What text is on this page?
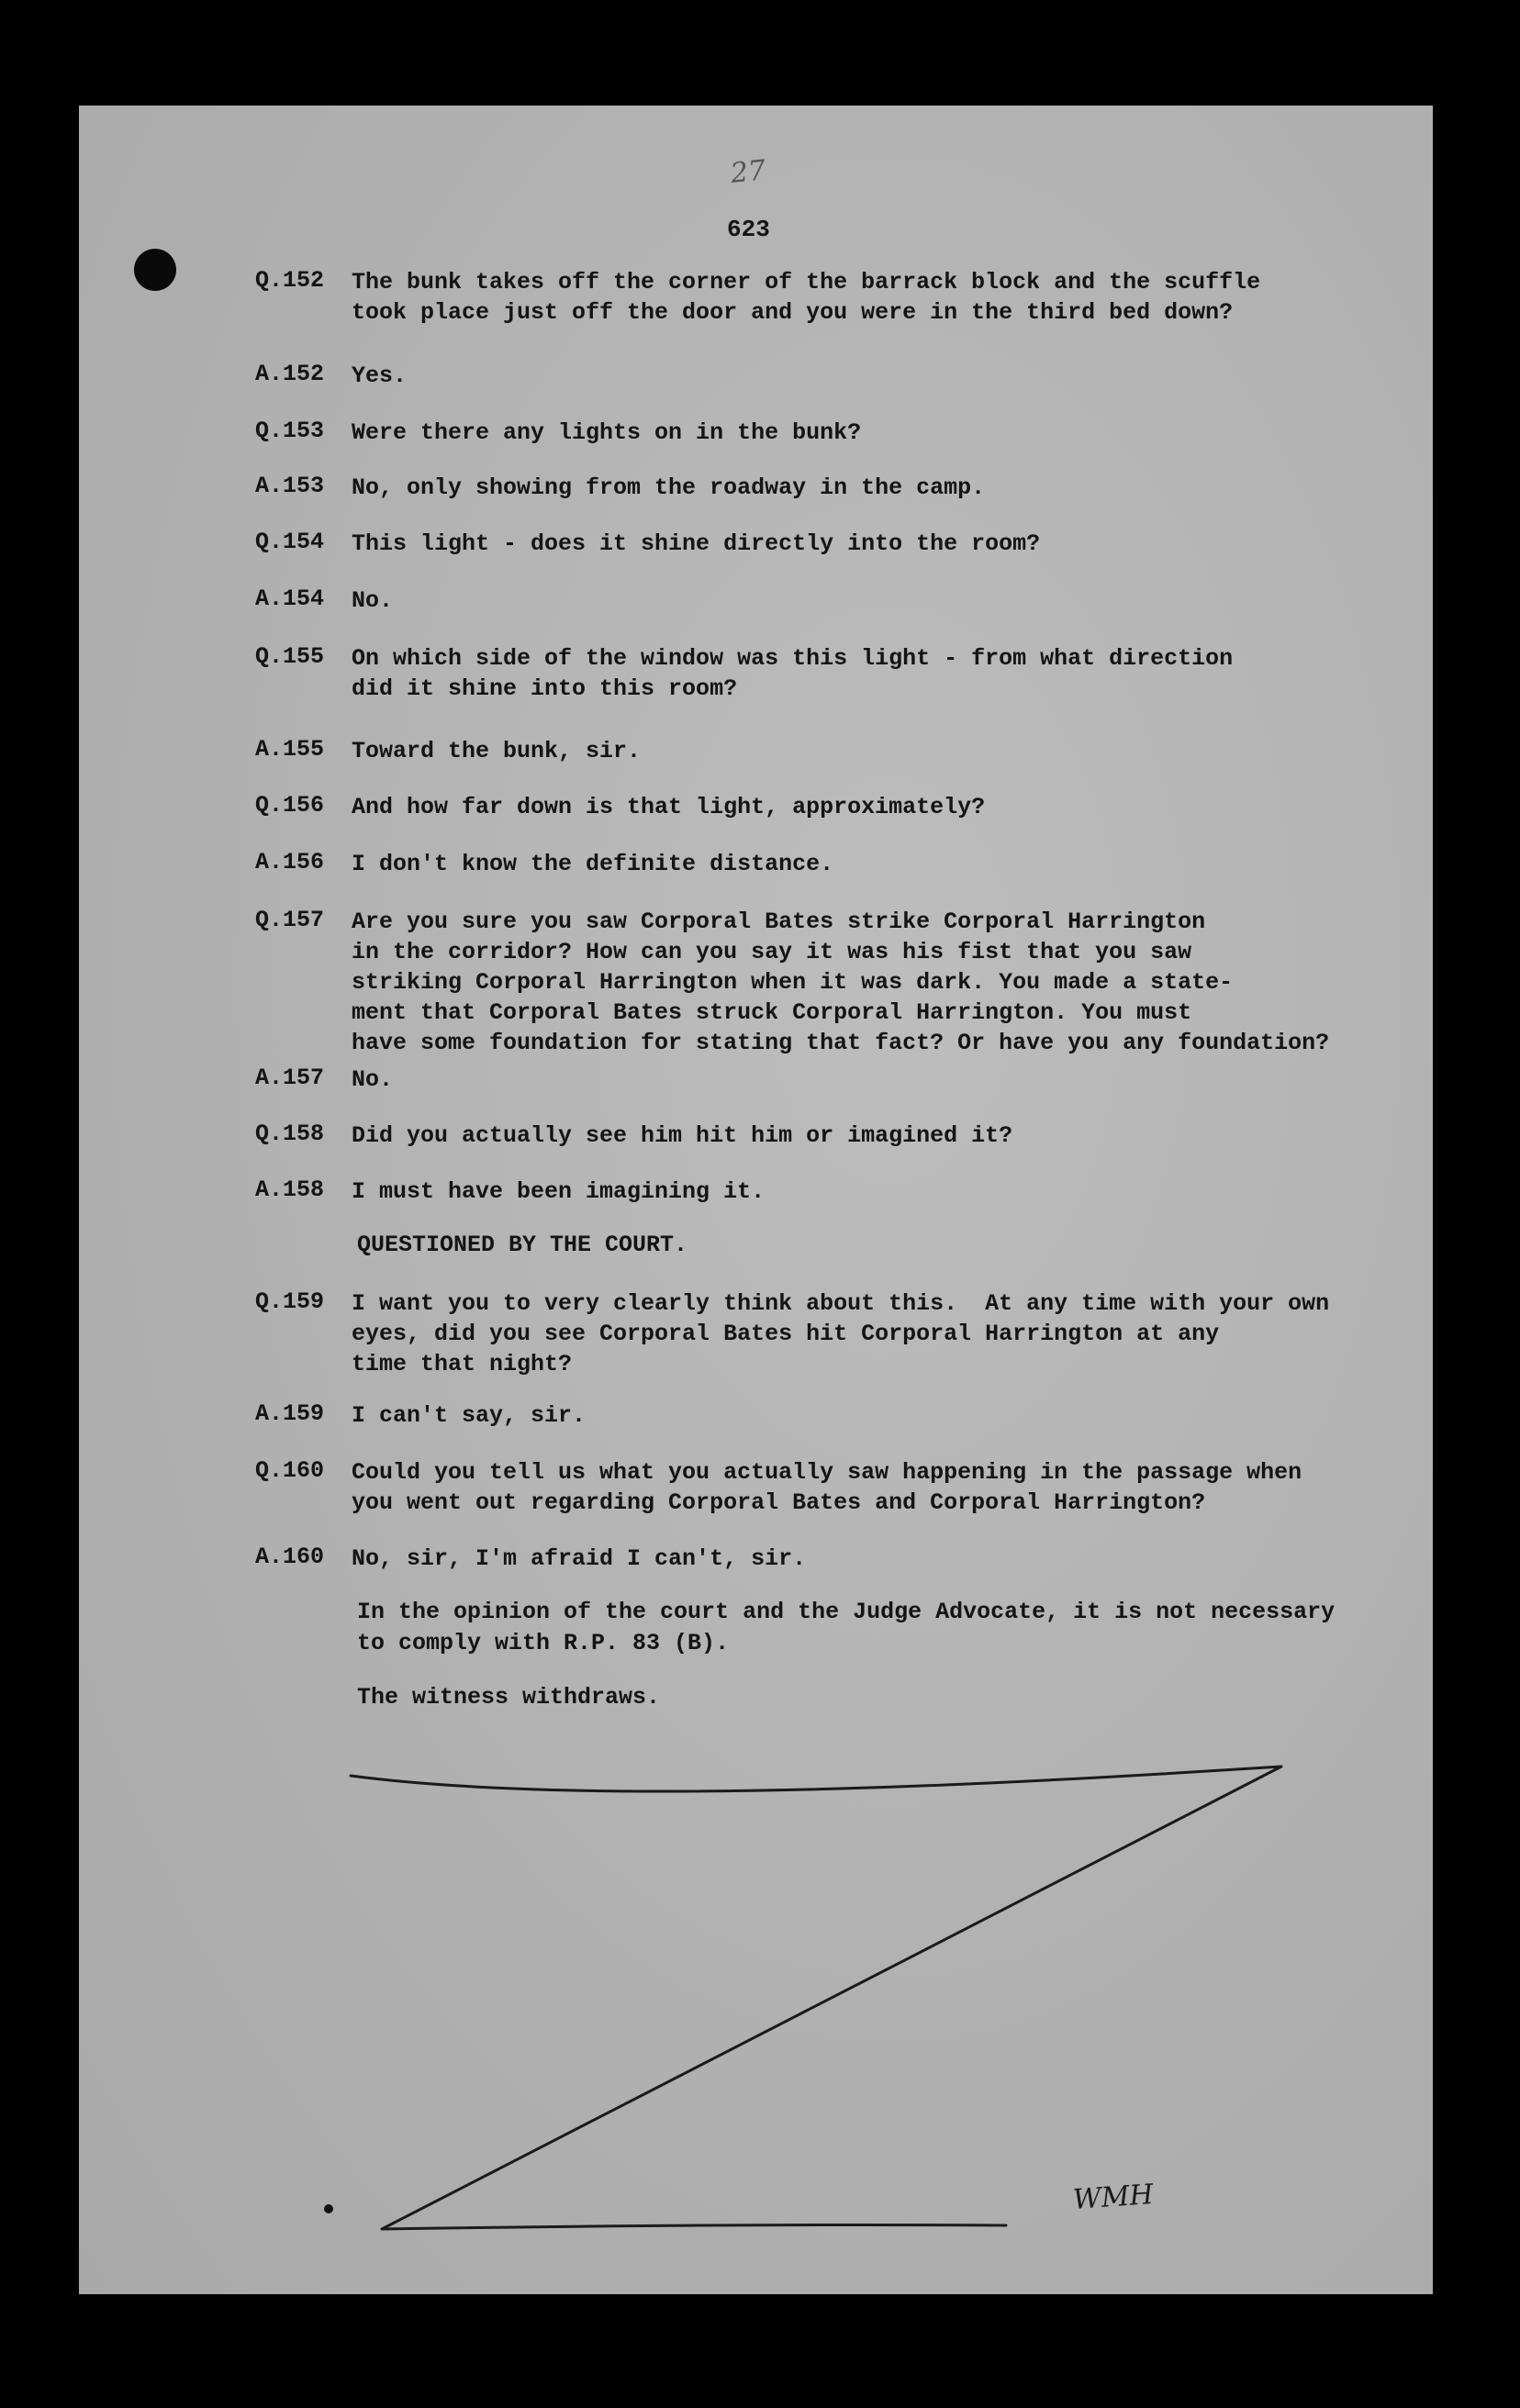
27
623
Q.152 The bunk takes off the corner of the barrack block and the scuffle
took place just off the door and you were in the third bed down?
A.152 Yes.
Q.153 Were there any lights on in the bunk?
A.153 No, only showing from the roadway in the camp.
Q.154 This light - does it shine directly into the room?
A.154 No.
Q.155 On which side of the window was this light - from what direction
did it shine into this room?
A.155 Toward the bunk, sir.
Q.156 And how far down is that light, approximately?
A.156 I don't know the definite distance.
Q.157 Are you sure you saw Corporal Bates strike Corporal Harrington
in the corridor? How can you say it was his fist that you saw
striking Corporal Harrington when it was dark. You made a state-
ment that Corporal Bates struck Corporal Harrington. You must
have some foundation for stating that fact? Or have you any foundation?
A.157 No.
Q.158 Did you actually see him hit him or imagined it?
A.158 I must have been imagining it.
QUESTIONED BY THE COURT.
Q.159 I want you to very clearly think about this.  At any time with your own
eyes, did you see Corporal Bates hit Corporal Harrington at any
time that night?
A.159 I can't say, sir.
Q.160 Could you tell us what you actually saw happening in the passage when
you went out regarding Corporal Bates and Corporal Harrington?
A.160 No, sir, I'm afraid I can't, sir.
In the opinion of the court and the Judge Advocate, it is not necessary
to comply with R.P. 83 (B).
The witness withdraws.
WMH
